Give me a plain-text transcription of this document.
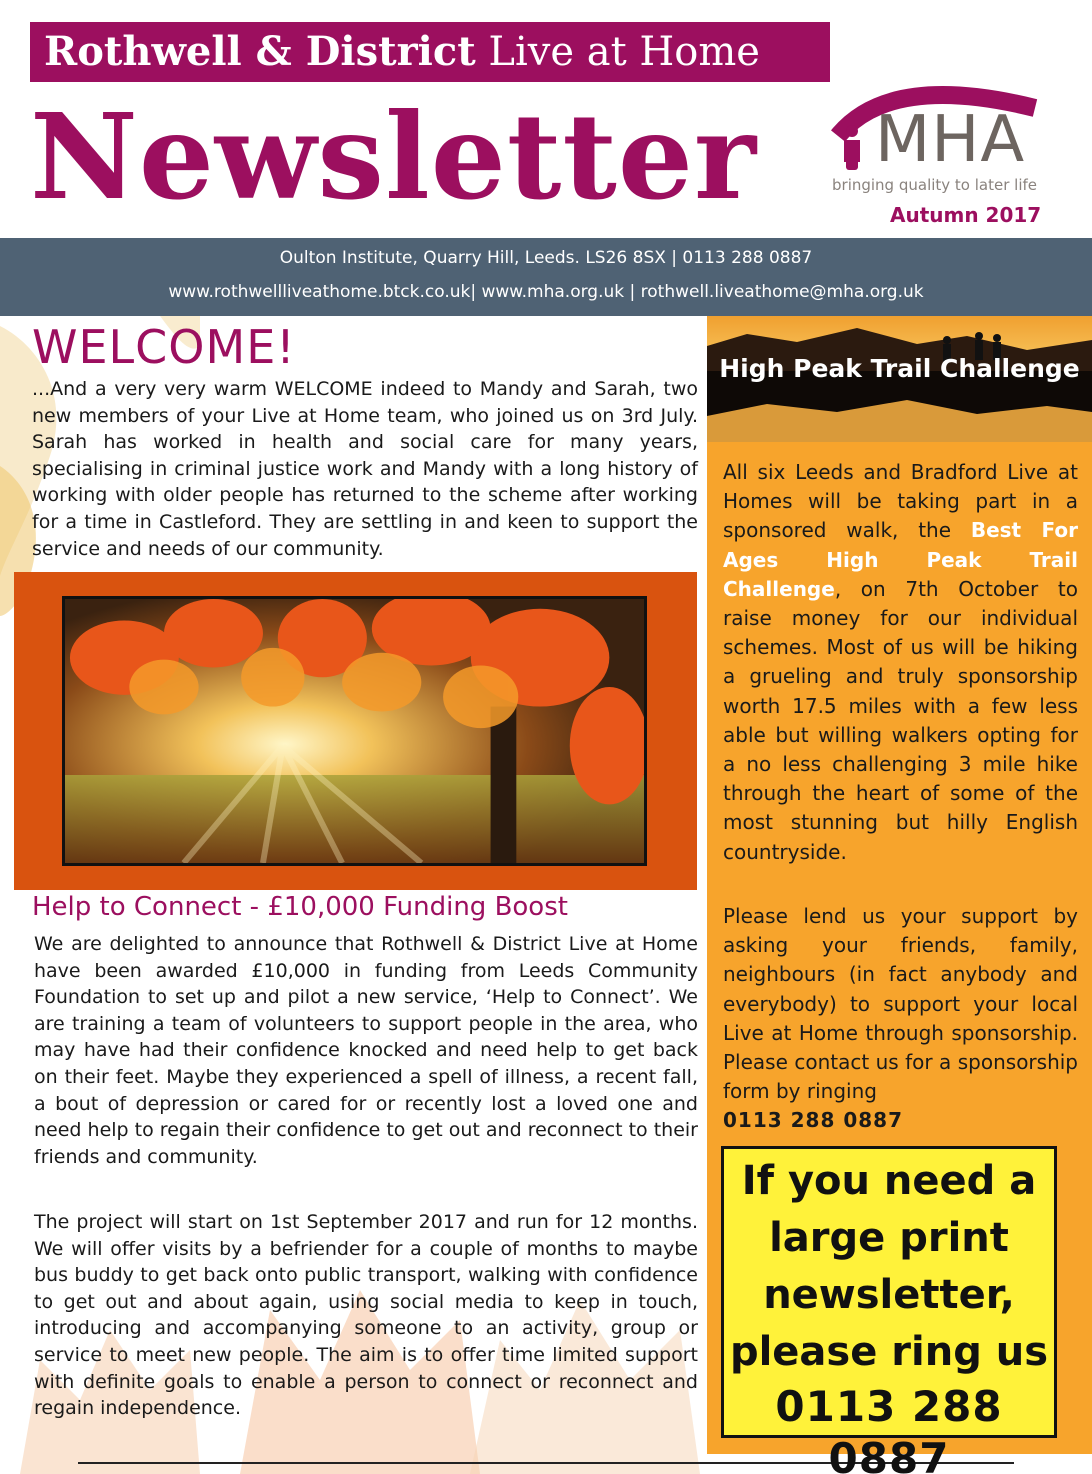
Rothwell & District Live at Home
Newsletter MHA
bringing quality to later life
Autumn 2017
Oulton Institute, Quarry Hill, Leeds. LS26 8SX | 0113 288 0887
www.rothwellliveathome.btck.co.uk| www.mha.org.uk | rothwell.liveathome@mha.org.uk
WELCOME!
...And a very very warm WELCOME indeed to Mandy and Sarah, two new members of your Live at Home team, who joined us on 3rd July. Sarah has worked in health and social care for many years, specialising in criminal justice work and Mandy with a long history of working with older people has returned to the scheme after working for a time in Castleford. They are settling in and keen to support the service and needs of our community.
Help to Connect - £10,000 Funding Boost
We are delighted to announce that Rothwell & District Live at Home have been awarded £10,000 in funding from Leeds Community Foundation to set up and pilot a new service, ‘Help to Connect’. We are training a team of volunteers to support people in the area, who may have had their confidence knocked and need help to get back on their feet. Maybe they experienced a spell of illness, a recent fall, a bout of depression or cared for or recently lost a loved one and need help to regain their confidence to get out and reconnect to their friends and community.
The project will start on 1st September 2017 and run for 12 months. We will offer visits by a befriender for a couple of months to maybe bus buddy to get back onto public transport, walking with confidence to get out and about again, using social media to keep in touch, introducing and accompanying someone to an activity, group or service to meet new people. The aim is to offer time limited support with definite goals to enable a person to connect or reconnect and regain independence.
High Peak Trail Challenge
All six Leeds and Bradford Live at Homes will be taking part in a sponsored walk, the Best For Ages High Peak Trail Challenge, on 7th October to raise money for our individual schemes. Most of us will be hiking a grueling and truly sponsorship worth 17.5 miles with a few less able but willing walkers opting for a no less challenging 3 mile hike through the heart of some of the most stunning but hilly English countryside.
Please lend us your support by asking your friends, family, neighbours (in fact anybody and everybody) to support your local Live at Home through sponsorship. Please contact us for a sponsorship form by ringing
0113 288 0887
If you need a large print newsletter, please ring us
0113 288 0887
